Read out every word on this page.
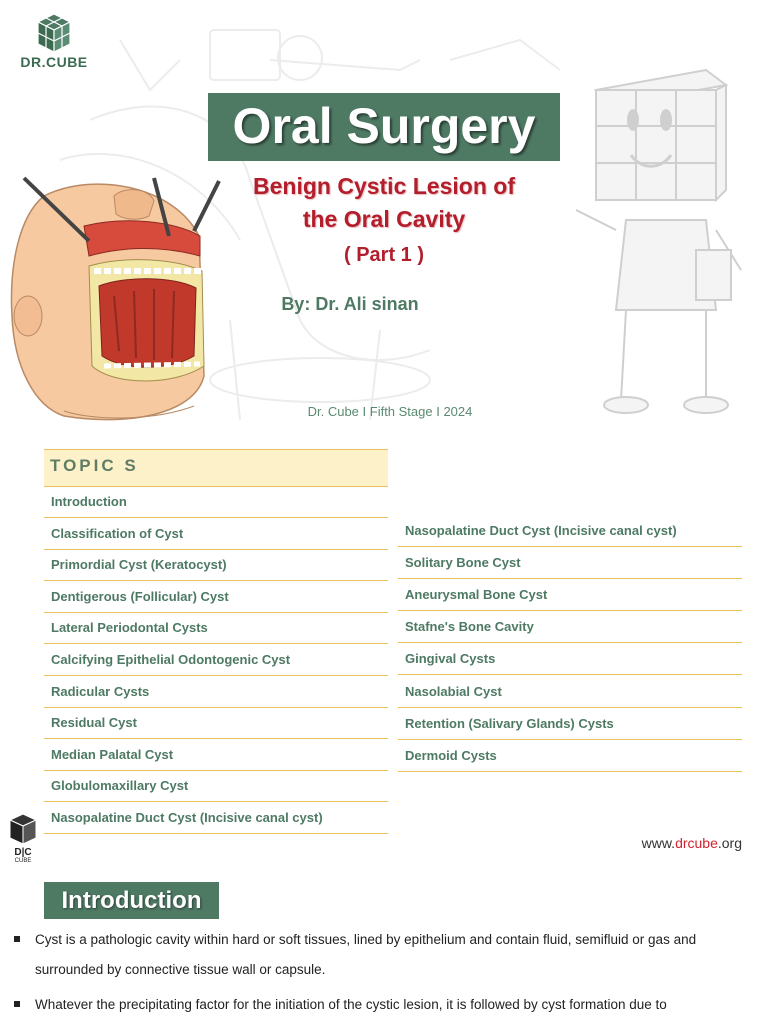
DR.CUBE
Oral Surgery
Benign Cystic Lesion of
the Oral Cavity
( Part 1 )
By: Dr. Ali sinan
Dr. Cube I Fifth Stage I 2024
TOPIC S
Introduction
Classification of Cyst
Primordial Cyst (Keratocyst)
Dentigerous (Follicular) Cyst
Lateral Periodontal Cysts
Calcifying Epithelial Odontogenic Cyst
Radicular Cysts
Residual Cyst
Median Palatal Cyst
Globulomaxillary Cyst
Nasopalatine Duct Cyst (Incisive canal cyst)
Nasopalatine Duct Cyst (Incisive canal cyst)
Solitary Bone Cyst
Aneurysmal Bone Cyst
Stafne's Bone Cavity
Gingival Cysts
Nasolabial Cyst
Retention (Salivary Glands) Cysts
Dermoid Cysts
D|C
CUBE
www.drcube.org
Introduction
Cyst is a pathologic cavity within hard or soft tissues, lined by epithelium and contain fluid, semifluid or gas and surrounded by connective tissue wall or capsule.
Whatever the precipitating factor for the initiation of the cystic lesion, it is followed by cyst formation due to
